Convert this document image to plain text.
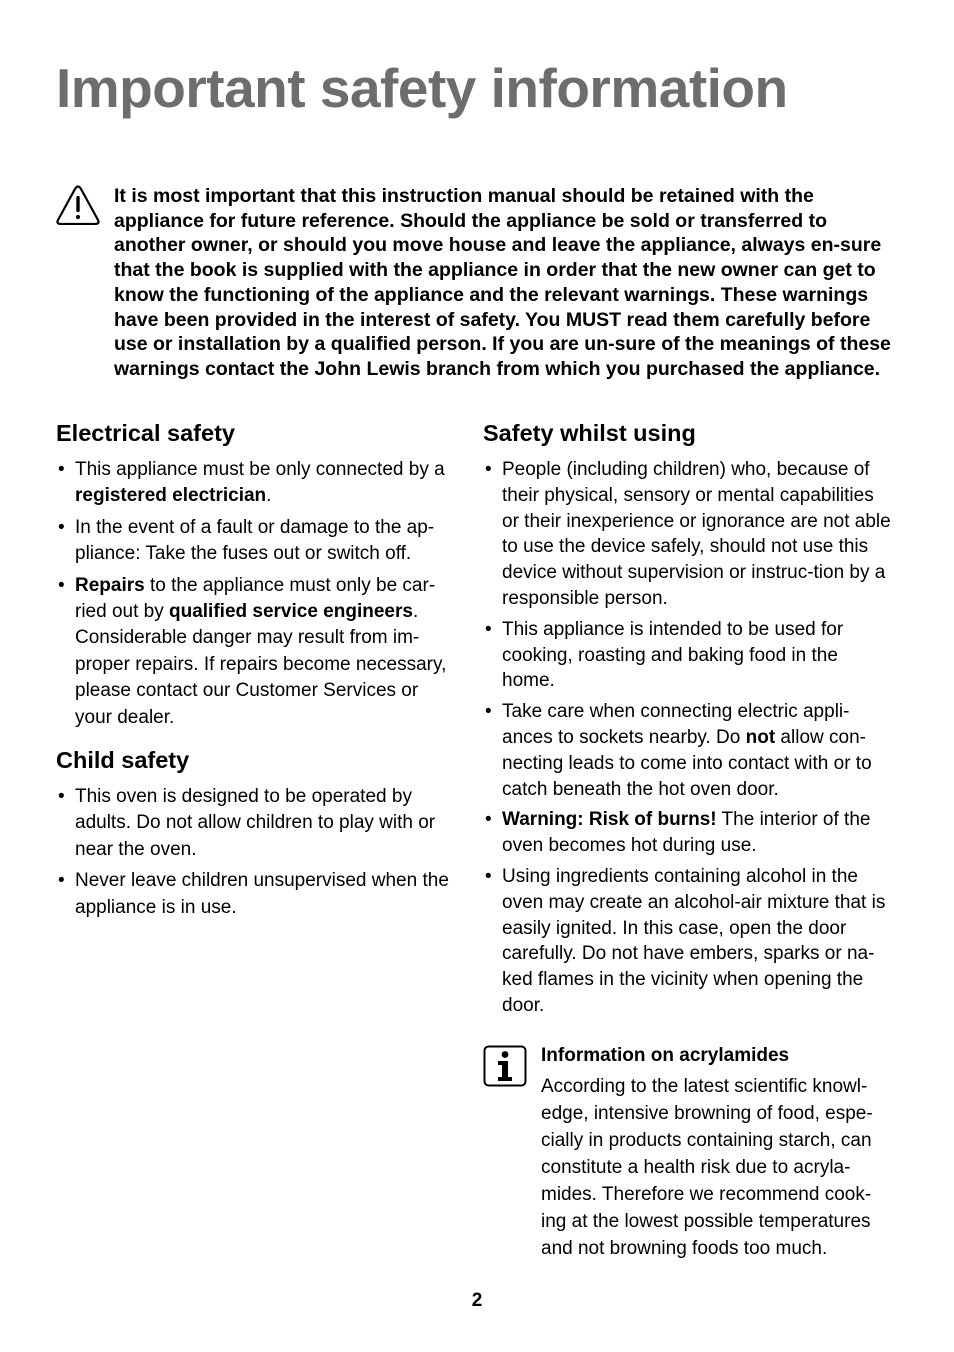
Important safety information

It is most important that this instruction manual should be retained with the appliance for future reference. Should the appliance be sold or transferred to another owner, or should you move house and leave the appliance, always en-sure that the book is supplied with the appliance in order that the new owner can get to know the functioning of the appliance and the relevant warnings. These warnings have been provided in the interest of safety. You MUST read them carefully before use or installation by a qualified person. If you are un-sure of the meanings of these warnings contact the John Lewis branch from which you purchased the appliance.

Electrical safety
• This appliance must be only connected by a registered electrician.
• In the event of a fault or damage to the ap-pliance: Take the fuses out or switch off.
• Repairs to the appliance must only be car-ried out by qualified service engineers. Considerable danger may result from im-proper repairs. If repairs become necessary, please contact our Customer Services or your dealer.
Child safety
• This oven is designed to be operated by adults. Do not allow children to play with or near the oven.
• Never leave children unsupervised when the appliance is in use.
Safety whilst using
• People (including children) who, because of their physical, sensory or mental capabilities or their inexperience or ignorance are not able to use the device safely, should not use this device without supervision or instruc-tion by a responsible person.
• This appliance is intended to be used for cooking, roasting and baking food in the home.
• Take care when connecting electric appli-ances to sockets nearby. Do not allow con-necting leads to come into contact with or to catch beneath the hot oven door.
• Warning: Risk of burns! The interior of the oven becomes hot during use.
• Using ingredients containing alcohol in the oven may create an alcohol-air mixture that is easily ignited. In this case, open the door carefully. Do not have embers, sparks or na-ked flames in the vicinity when opening the door.
Information on acrylamides
According to the latest scientific knowl-edge, intensive browning of food, espe-cially in products containing starch, can constitute a health risk due to acryla-mides. Therefore we recommend cook-ing at the lowest possible temperatures and not browning foods too much.
2
